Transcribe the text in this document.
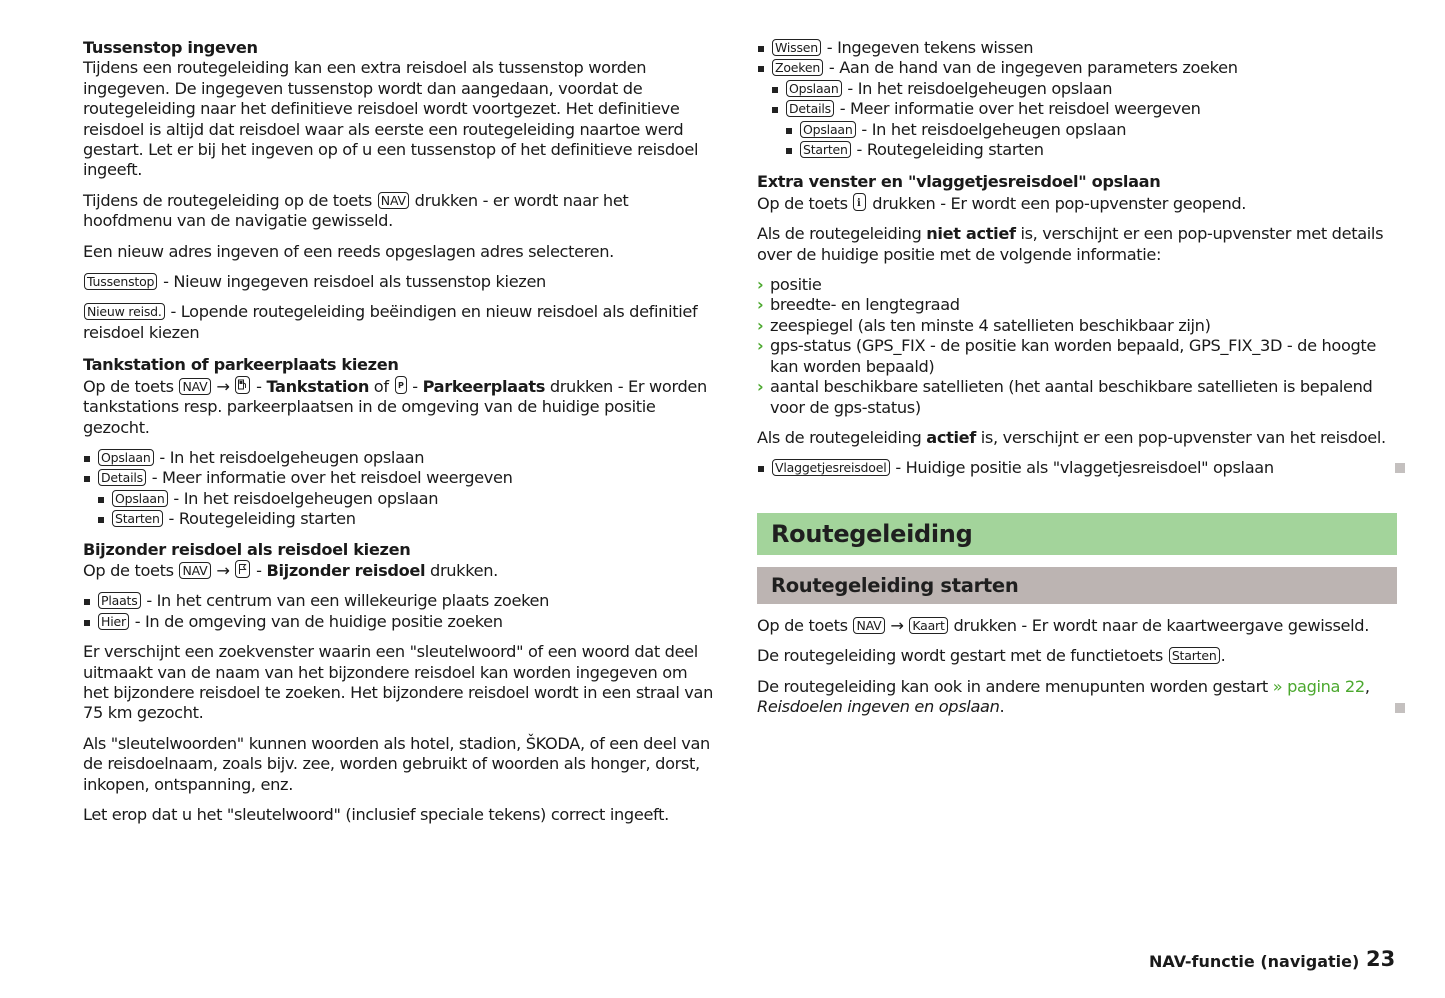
Tussenstop ingeven

Tijdens een routegeleiding kan een extra reisdoel als tussenstop worden ingegeven. De ingegeven tussenstop wordt dan aangedaan, voordat de routegeleiding naar het definitieve reisdoel wordt voortgezet. Het definitieve reisdoel is altijd dat reisdoel waar als eerste een routegeleiding naartoe werd gestart. Let er bij het ingeven op of u een tussenstop of het definitieve reisdoel ingeeft.

Tijdens de routegeleiding op de toets NAV drukken - er wordt naar het hoofdmenu van de navigatie gewisseld.

Een nieuw adres ingeven of een reeds opgeslagen adres selecteren.

Tussenstop - Nieuw ingegeven reisdoel als tussenstop kiezen

Nieuw reisd. - Lopende routegeleiding beëindigen en nieuw reisdoel als definitief reisdoel kiezen

Tankstation of parkeerplaats kiezen

Op de toets NAV → - Tankstation of P - Parkeerplaats drukken - Er worden tankstations resp. parkeerplaatsen in de omgeving van de huidige positie gezocht.

Opslaan - In het reisdoelgeheugen opslaan
Details - Meer informatie over het reisdoel weergeven
Opslaan - In het reisdoelgeheugen opslaan
Starten - Routegeleiding starten

Bijzonder reisdoel als reisdoel kiezen

Op de toets NAV → - Bijzonder reisdoel drukken.

Plaats - In het centrum van een willekeurige plaats zoeken
Hier - In de omgeving van de huidige positie zoeken

Er verschijnt een zoekvenster waarin een "sleutelwoord" of een woord dat deel uitmaakt van de naam van het bijzondere reisdoel kan worden ingegeven om het bijzondere reisdoel te zoeken. Het bijzondere reisdoel wordt in een straal van 75 km gezocht.

Als "sleutelwoorden" kunnen woorden als hotel, stadion, ŠKODA, of een deel van de reisdoelnaam, zoals bijv. zee, worden gebruikt of woorden als honger, dorst, inkopen, ontspanning, enz.

Let erop dat u het "sleutelwoord" (inclusief speciale tekens) correct ingeeft.

Wissen - Ingegeven tekens wissen
Zoeken - Aan de hand van de ingegeven parameters zoeken
Opslaan - In het reisdoelgeheugen opslaan
Details - Meer informatie over het reisdoel weergeven
Opslaan - In het reisdoelgeheugen opslaan
Starten - Routegeleiding starten

Extra venster en "vlaggetjesreisdoel" opslaan

Op de toets i drukken - Er wordt een pop-upvenster geopend.

Als de routegeleiding niet actief is, verschijnt er een pop-upvenster met details over de huidige positie met de volgende informatie:

› positie
› breedte- en lengtegraad
› zeespiegel (als ten minste 4 satellieten beschikbaar zijn)
› gps-status (GPS_FIX - de positie kan worden bepaald, GPS_FIX_3D - de hoogte kan worden bepaald)
› aantal beschikbare satellieten (het aantal beschikbare satellieten is bepalend voor de gps-status)

Als de routegeleiding actief is, verschijnt er een pop-upvenster van het reisdoel.

Vlaggetjesreisdoel - Huidige positie als "vlaggetjesreisdoel" opslaan
Routegeleiding
Routegeleiding starten

Op de toets NAV → Kaart drukken - Er wordt naar de kaartweergave gewisseld.

De routegeleiding wordt gestart met de functietoets Starten .

De routegeleiding kan ook in andere menupunten worden gestart » pagina 22, Reisdoelen ingeven en opslaan.

NAV-functie (navigatie) 23
